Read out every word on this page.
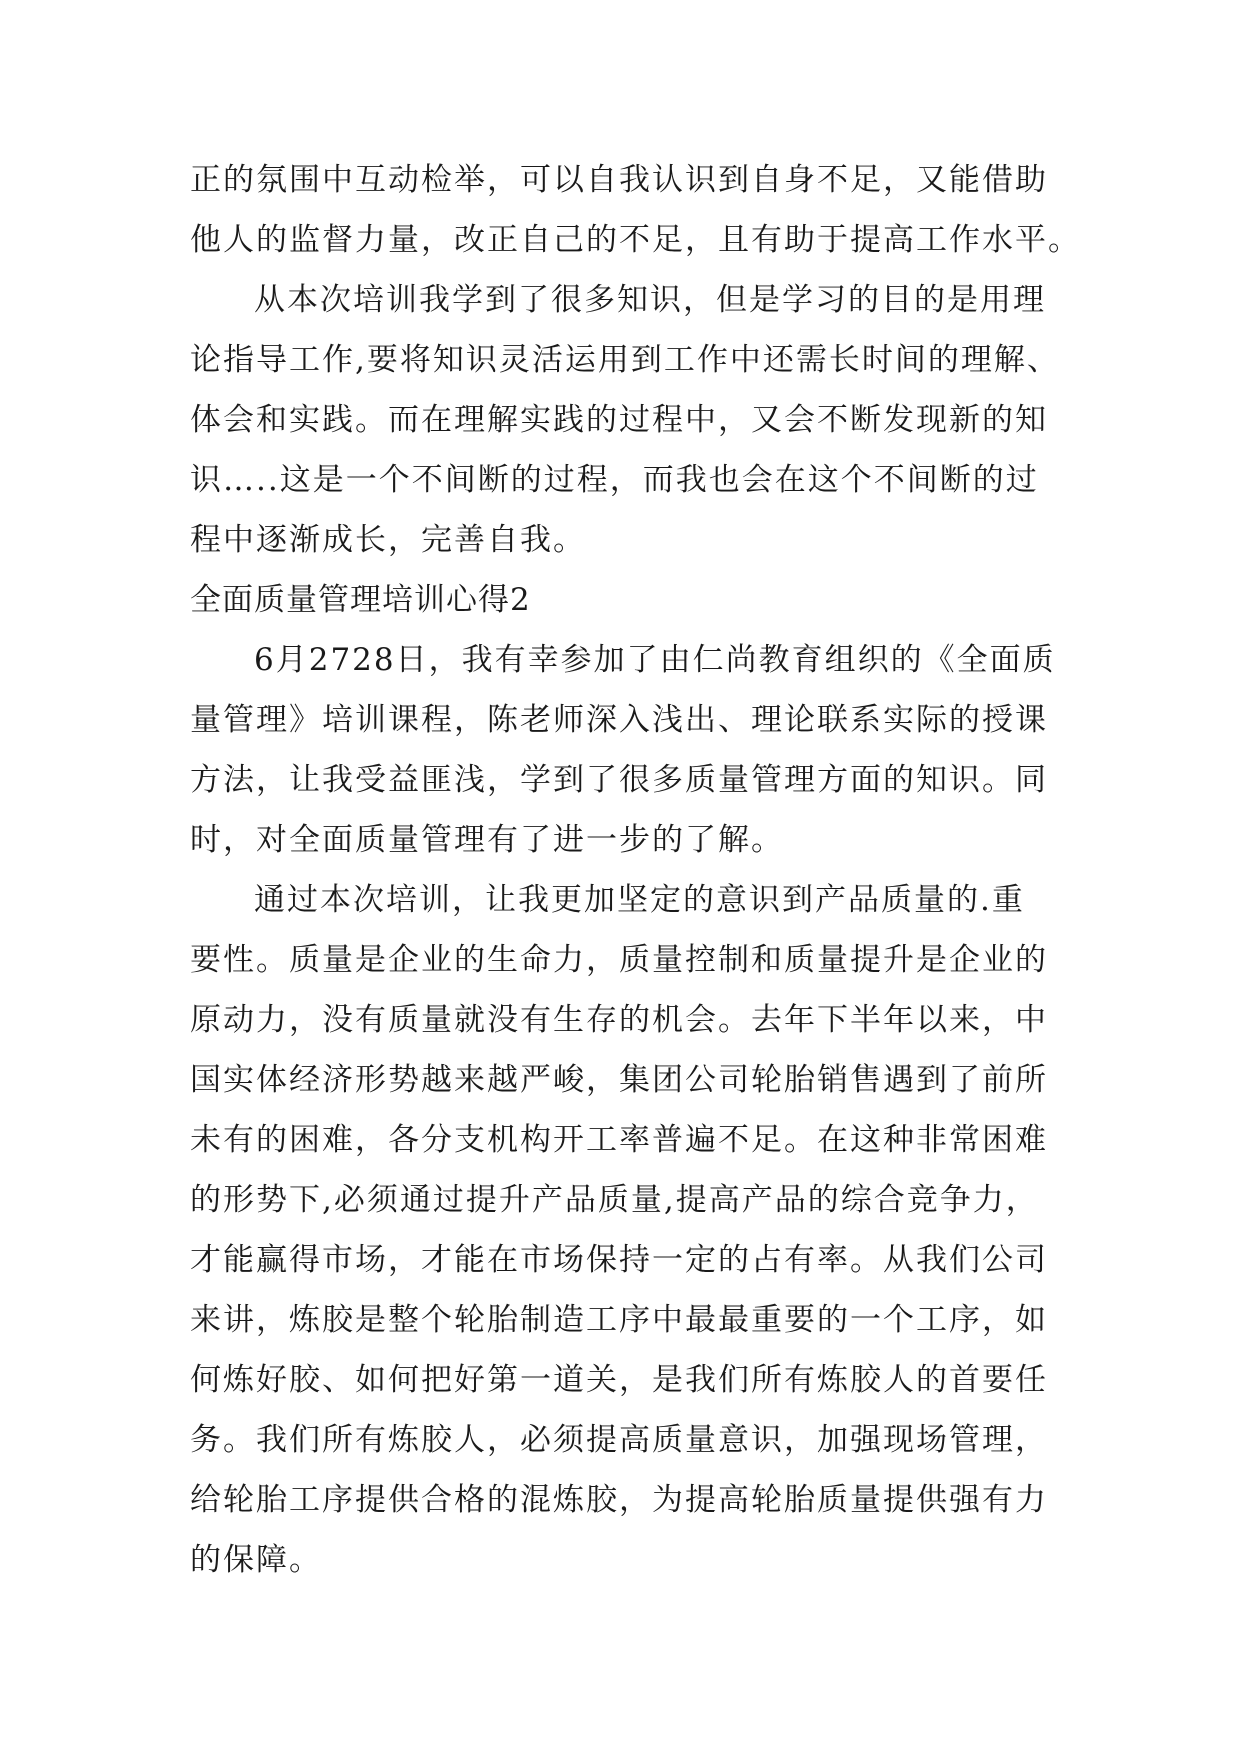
正的氛围中互动检举，可以自我认识到自身不足，又能借助
他人的监督力量，改正自己的不足，且有助于提高工作水平。
从本次培训我学到了很多知识，但是学习的目的是用理
论指导工作,要将知识灵活运用到工作中还需长时间的理解、
体会和实践。而在理解实践的过程中，又会不断发现新的知
识…..这是一个不间断的过程，而我也会在这个不间断的过
程中逐渐成长，完善自我。
全面质量管理培训心得2
6月2728日，我有幸参加了由仁尚教育组织的《全面质
量管理》培训课程，陈老师深入浅出、理论联系实际的授课
方法，让我受益匪浅，学到了很多质量管理方面的知识。同
时，对全面质量管理有了进一步的了解。
通过本次培训，让我更加坚定的意识到产品质量的.重
要性。质量是企业的生命力，质量控制和质量提升是企业的
原动力，没有质量就没有生存的机会。去年下半年以来，中
国实体经济形势越来越严峻，集团公司轮胎销售遇到了前所
未有的困难，各分支机构开工率普遍不足。在这种非常困难
的形势下,必须通过提升产品质量,提高产品的综合竞争力，
才能赢得市场，才能在市场保持一定的占有率。从我们公司
来讲，炼胶是整个轮胎制造工序中最最重要的一个工序，如
何炼好胶、如何把好第一道关，是我们所有炼胶人的首要任
务。我们所有炼胶人，必须提高质量意识，加强现场管理，
给轮胎工序提供合格的混炼胶，为提高轮胎质量提供强有力
的保障。
